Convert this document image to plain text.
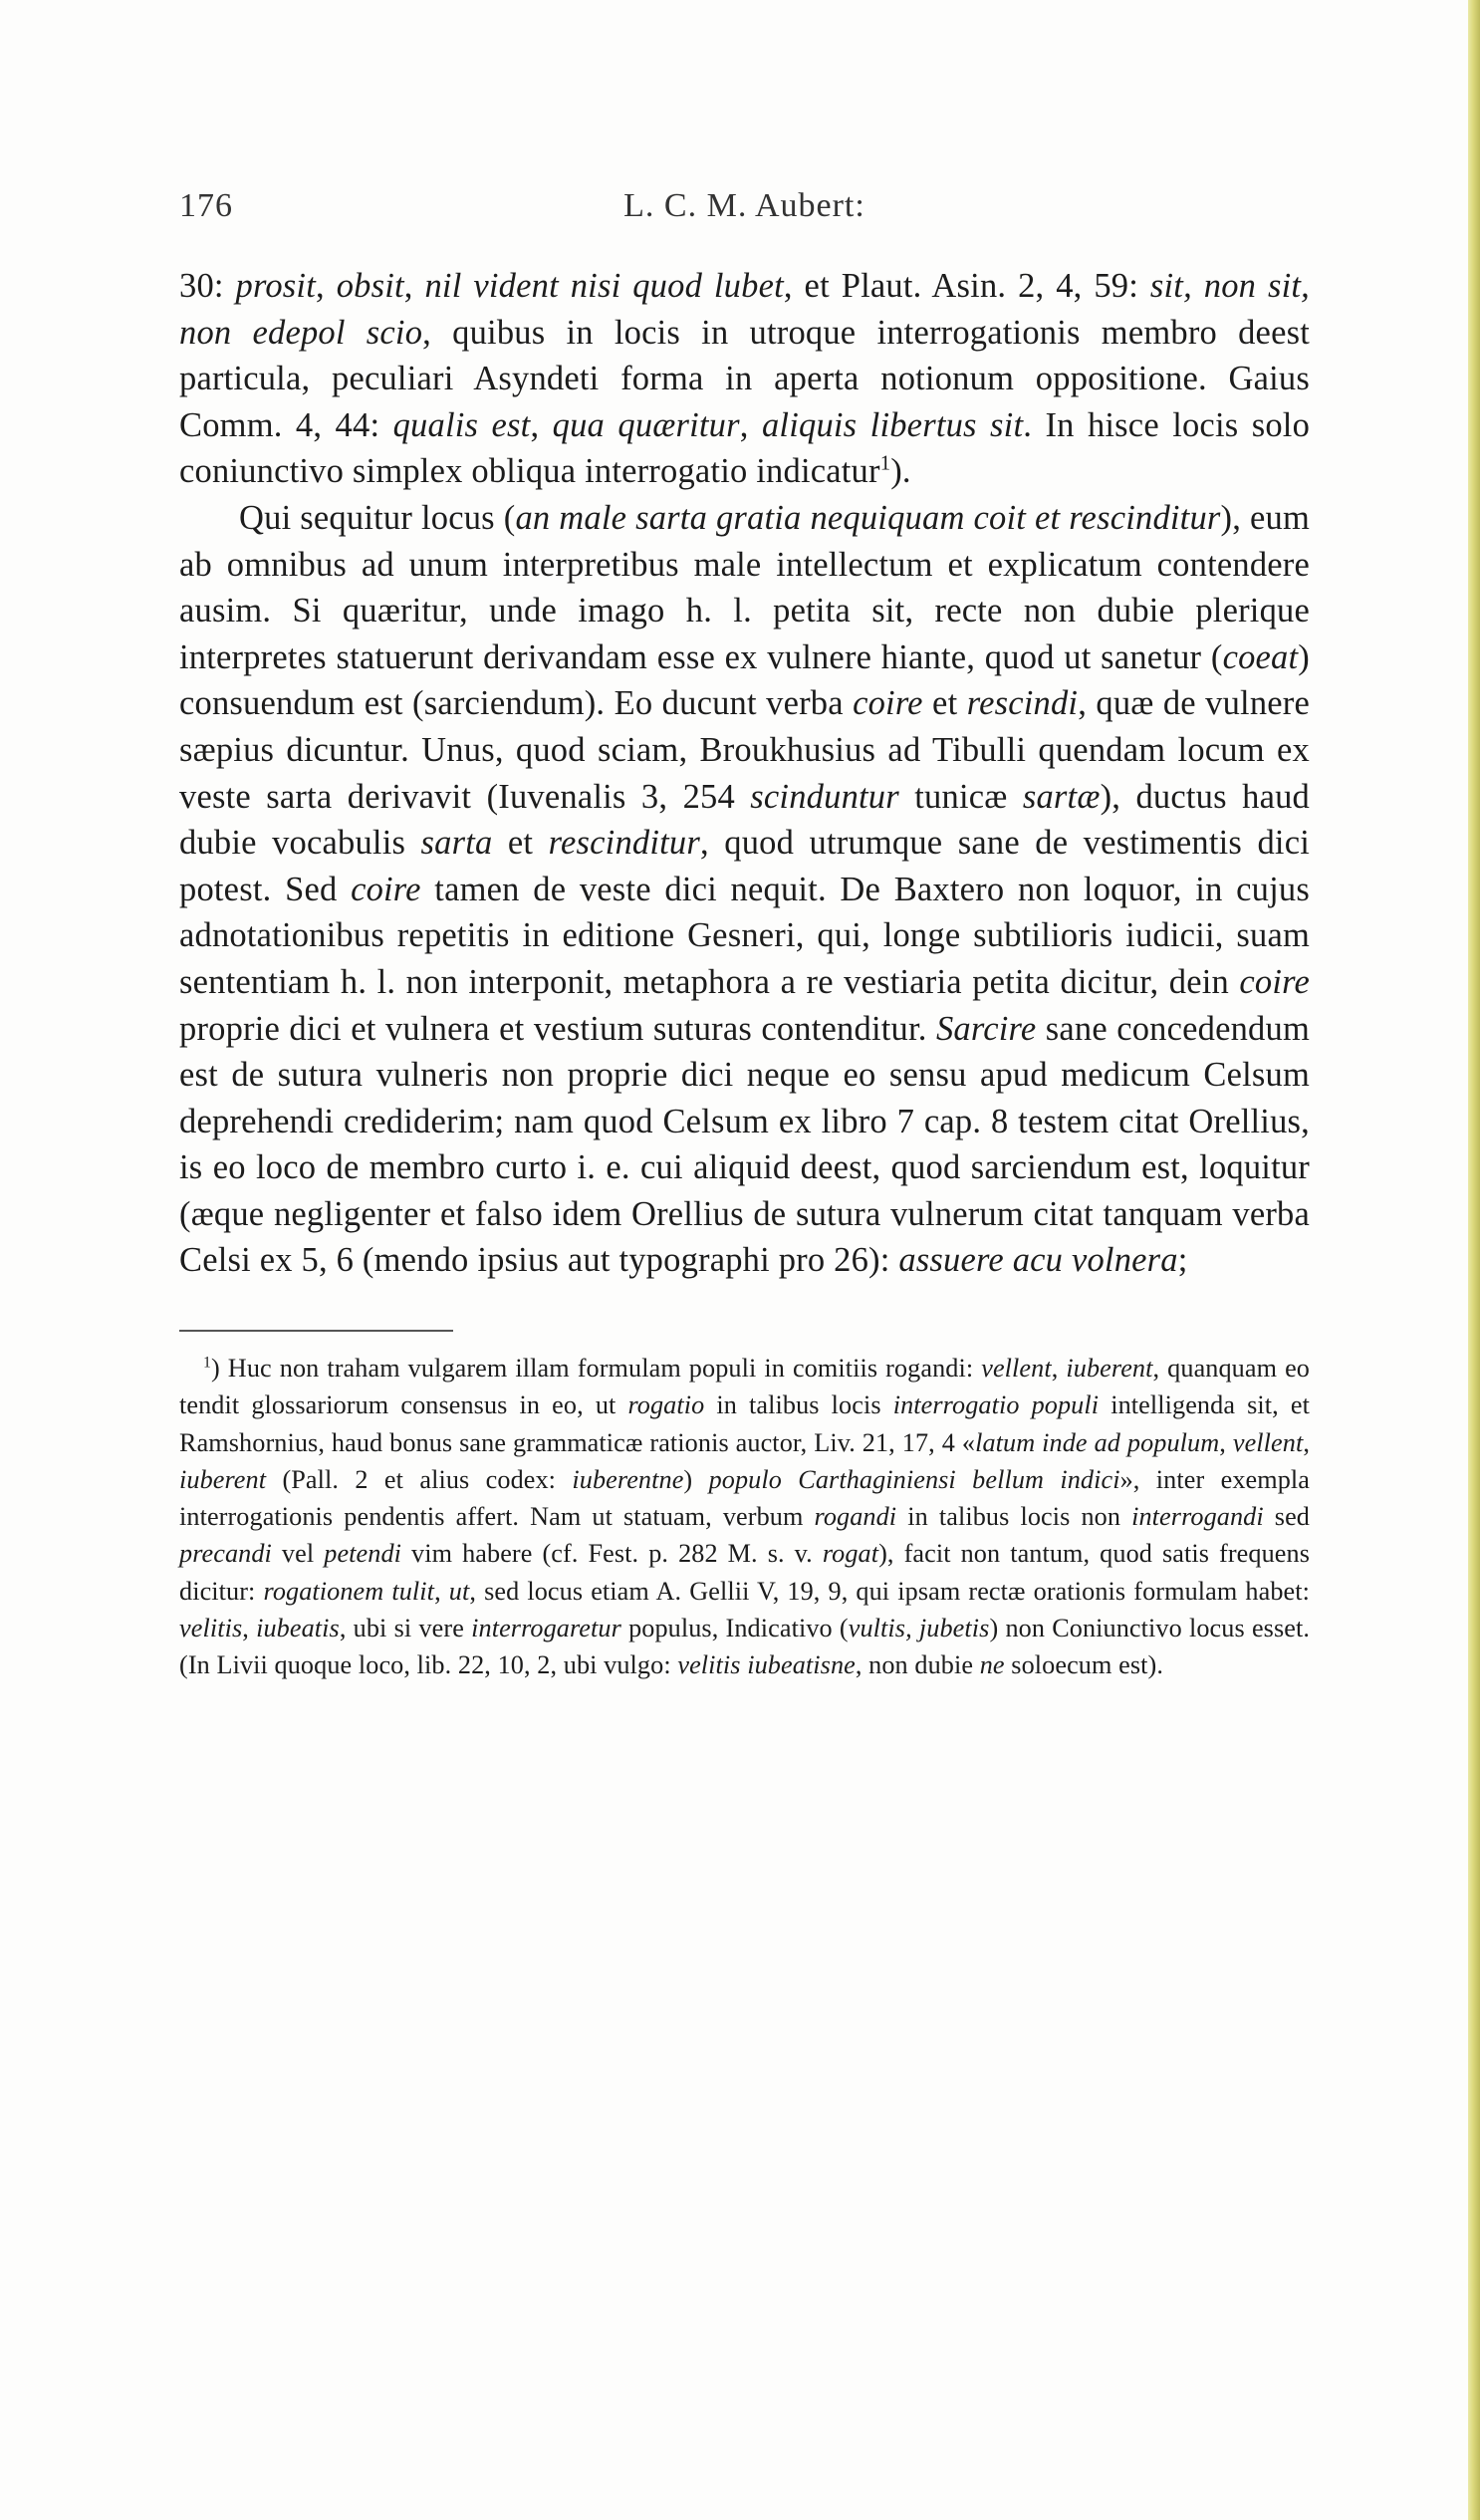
176	L. C. M. Aubert:

30: prosit, obsit, nil vident nisi quod lubet, et Plaut. Asin. 2, 4, 59: sit, non sit, non edepol scio, quibus in locis in utroque interrogationis membro deest particula, peculiari Asyndeti forma in aperta notionum oppositione. Gaius Comm. 4, 44: qualis est, qua quæritur, aliquis libertus sit. In hisce locis solo coniunctivo simplex obliqua interrogatio indicatur$^1$).

Qui sequitur locus (an male sarta gratia nequiquam coit et rescinditur), eum ab omnibus ad unum interpretibus male intellectum et explicatum contendere ausim. Si quæritur, unde imago h. l. petita sit, recte non dubie plerique interpretes statuerunt derivandam esse ex vulnere hiante, quod ut sanetur (coeat) consuendum est (sarciendum). Eo ducunt verba coire et rescindi, quæ de vulnere sæpius dicuntur. Unus, quod sciam, Broukhusius ad Tibulli quendam locum ex veste sarta derivavit (Iuvenalis 3, 254 scinduntur tunicæ sartæ), ductus haud dubie vocabulis sarta et rescinditur, quod utrumque sane de vestimentis dici potest. Sed coire tamen de veste dici nequit. De Baxtero non loquor, in cujus adnotationibus repetitis in editione Gesneri, qui, longe subtilioris iudicii, suam sententiam h. l. non interponit, metaphora a re vestiaria petita dicitur, dein coire proprie dici et vulnera et vestium suturas contenditur. Sarcire sane concedendum est de sutura vulneris non proprie dici neque eo sensu apud medicum Celsum deprehendi crediderim; nam quod Celsum ex libro 7 cap. 8 testem citat Orellius, is eo loco de membro curto i. e. cui aliquid deest, quod sarciendum est, loquitur (æque negligenter et falso idem Orellius de sutura vulnerum citat tanquam verba Celsi ex 5, 6 (mendo ipsius aut typographi pro 26): assuere acu volnera;

$^1$) Huc non traham vulgarem illam formulam populi in comitiis rogandi: vellent, iuberent, quanquam eo tendit glossariorum consensus in eo, ut rogatio in talibus locis interrogatio populi intelligenda sit, et Ramshornius, haud bonus sane grammaticæ rationis auctor, Liv. 21, 17, 4 «latum inde ad populum, vellent, iuberent (Pall. 2 et alius codex: iuberentne) populo Carthaginiensi bellum indici», inter exempla interrogationis pendentis affert. Nam ut statuam, verbum rogandi in talibus locis non interrogandi sed precandi vel petendi vim habere (cf. Fest. p. 282 M. s. v. rogat), facit non tantum, quod satis frequens dicitur: rogationem tulit, ut, sed locus etiam A. Gellii V, 19, 9, qui ipsam rectæ orationis formulam habet: velitis, iubeatis, ubi si vere interrogaretur populus, Indicativo (vultis, jubetis) non Coniunctivo locus esset. (In Livii quoque loco, lib. 22, 10, 2, ubi vulgo: velitis iubeatisne, non dubie ne soloecum est).
